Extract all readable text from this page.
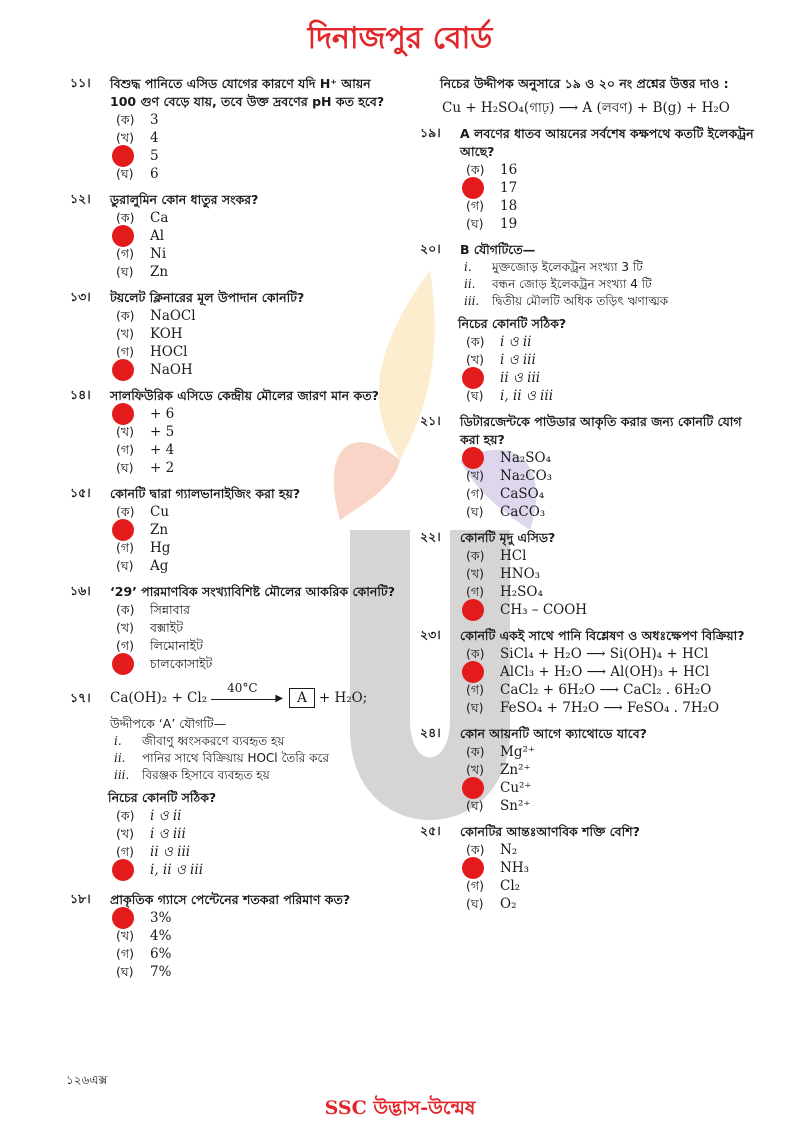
দিনাজপুর বোর্ড
১১। বিশুদ্ধ পানিতে এসিড যোগের কারণে যদি H⁺ আয়ন 100 গুণ বেড়ে যায়, তবে উক্ত দ্রবণের pH কত হবে?
(ক) 3
(খ) 4
5
(ঘ) 6
১২। ডুরালুমিন কোন ধাতুর সংকর?
(ক) Ca
Al
(গ) Ni
(ঘ) Zn
১৩। টয়লেট ক্লিনারের মূল উপাদান কোনটি?
(ক) NaOCl
(খ) KOH
(গ) HOCl
NaOH
১৪। সালফিউরিক এসিডে কেন্দ্রীয় মৌলের জারণ মান কত?
+ 6
(খ) + 5
(গ) + 4
(ঘ) + 2
১৫। কোনটি দ্বারা গ্যালভানাইজিং করা হয়?
(ক) Cu
Zn
(গ) Hg
(ঘ) Ag
১৬। ‘29’ পারমাণবিক সংখ্যাবিশিষ্ট মৌলের আকরিক কোনটি?
(ক) সিন্নাবার
(খ) বক্সাইট
(গ) লিমোনাইট
চালকোসাইট
১৭। Ca(OH)₂ + Cl₂
40°C
▶	A + H₂O;
উদ্দীপকে ‘A’ যৌগটি—
i. জীবাণু ধ্বংসকরণে ব্যবহৃত হয়
ii. পানির সাথে বিক্রিয়ায় HOCl তৈরি করে
iii. বিরঞ্জক হিসাবে ব্যবহৃত হয়
নিচের কোনটি সঠিক?
(ক) i ও ii
(খ) i ও iii
(গ) ii ও iii
i, ii ও iii
১৮। প্রাকৃতিক গ্যাসে পেন্টেনের শতকরা পরিমাণ কত?
3%
(খ) 4%
(গ) 6%
(ঘ) 7%
নিচের উদ্দীপক অনুসারে ১৯ ও ২০ নং প্রশ্নের উত্তর দাও :
Cu + H₂SO₄(গাঢ়) ⟶ A (লবণ) + B(g) + H₂O
১৯। A লবণের ধাতব আয়নের সর্বশেষ কক্ষপথে কতটি ইলেকট্রন আছে?
(ক) 16
17
(গ) 18
(ঘ) 19
২০। B যৌগটিতে—
i. মুক্তজোড় ইলেকট্রন সংখ্যা 3 টি
ii. বন্ধন জোড় ইলেকট্রন সংখ্যা 4 টি
iii. দ্বিতীয় মৌলটি অধিক তড়িৎ ঋণাত্মক
নিচের কোনটি সঠিক?
(ক) i ও ii
(খ) i ও iii
ii ও iii
(ঘ) i, ii ও iii
২১। ডিটারজেন্টকে পাউডার আকৃতি করার জন্য কোনটি যোগ করা হয়?
Na₂SO₄
(খ) Na₂CO₃
(গ) CaSO₄
(ঘ) CaCO₃
২২। কোনটি মৃদু এসিড?
(ক) HCl
(খ) HNO₃
(গ) H₂SO₄
CH₃ – COOH
২৩। কোনটি একই সাথে পানি বিশ্লেষণ ও অধঃক্ষেপণ বিক্রিয়া?
(ক) SiCl₄ + H₂O ⟶ Si(OH)₄ + HCl
AlCl₃ + H₂O ⟶ Al(OH)₃ + HCl
(গ) CaCl₂ + 6H₂O ⟶ CaCl₂ . 6H₂O
(ঘ) FeSO₄ + 7H₂O ⟶ FeSO₄ . 7H₂O
২৪। কোন আয়নটি আগে ক্যাথোডে যাবে?
(ক) Mg²⁺
(খ) Zn²⁺
Cu²⁺
(ঘ) Sn²⁺
২৫। কোনটির আন্তঃআণবিক শক্তি বেশি?
(ক) N₂
NH₃
(গ) Cl₂
(ঘ) O₂
১২৬এক্স
SSC উদ্ভাস-উন্মেষ
